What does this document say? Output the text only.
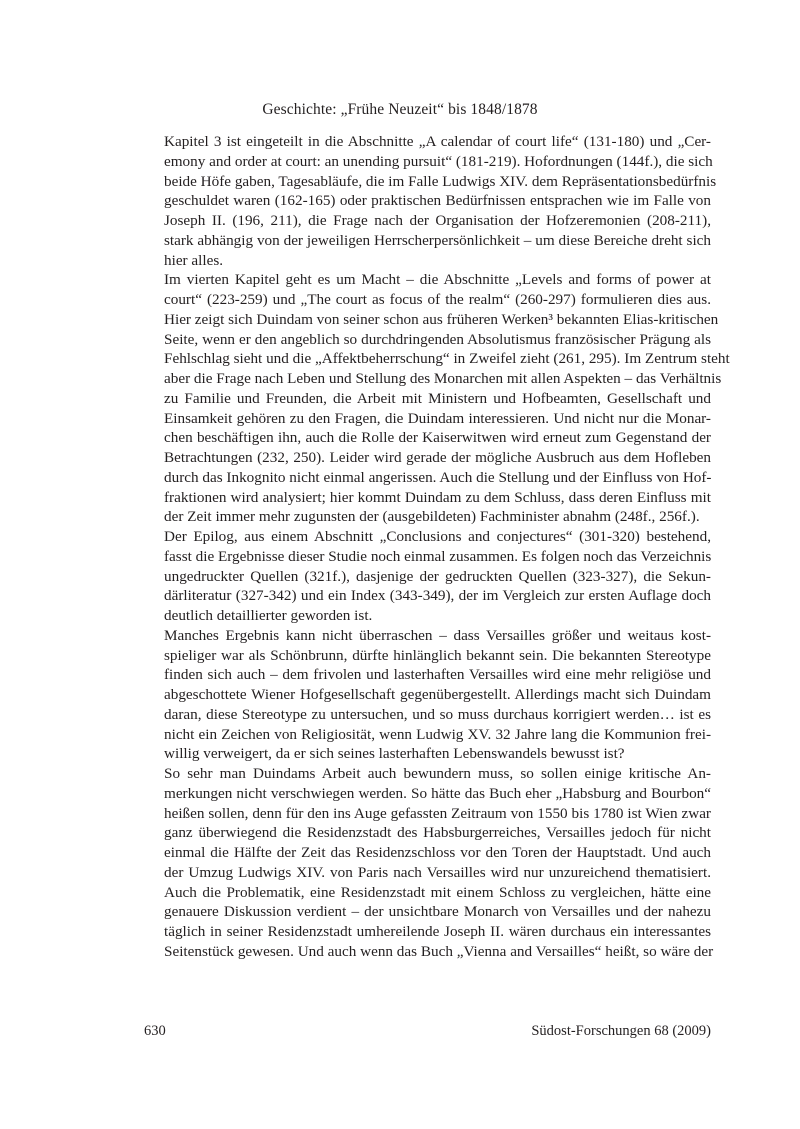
Geschichte: „Frühe Neuzeit“ bis 1848/1878

Kapitel 3 ist eingeteilt in die Abschnitte „A calendar of court life“ (131-180) und „Cer-
emony and order at court: an unending pursuit“ (181-219). Hofordnungen (144f.), die sich
beide Höfe gaben, Tagesabläufe, die im Falle Ludwigs XIV. dem Repräsentationsbedürfnis
geschuldet waren (162-165) oder praktischen Bedürfnissen entsprachen wie im Falle von
Joseph II. (196, 211), die Frage nach der Organisation der Hofzeremonien (208-211),
stark abhängig von der jeweiligen Herrscherpersönlichkeit – um diese Bereiche dreht sich
hier alles.

Im vierten Kapitel geht es um Macht – die Abschnitte „Levels and forms of power at
court“ (223-259) und „The court as focus of the realm“ (260-297) formulieren dies aus.
Hier zeigt sich Duindam von seiner schon aus früheren Werken³ bekannten Elias-kritischen
Seite, wenn er den angeblich so durchdringenden Absolutismus französischer Prägung als
Fehlschlag sieht und die „Affektbeherrschung“ in Zweifel zieht (261, 295). Im Zentrum steht
aber die Frage nach Leben und Stellung des Monarchen mit allen Aspekten – das Verhältnis
zu Familie und Freunden, die Arbeit mit Ministern und Hofbeamten, Gesellschaft und
Einsamkeit gehören zu den Fragen, die Duindam interessieren. Und nicht nur die Monar-
chen beschäftigen ihn, auch die Rolle der Kaiserwitwen wird erneut zum Gegenstand der
Betrachtungen (232, 250). Leider wird gerade der mögliche Ausbruch aus dem Hofleben
durch das Inkognito nicht einmal angerissen. Auch die Stellung und der Einfluss von Hof-
fraktionen wird analysiert; hier kommt Duindam zu dem Schluss, dass deren Einfluss mit
der Zeit immer mehr zugunsten der (ausgebildeten) Fachminister abnahm (248f., 256f.).

Der Epilog, aus einem Abschnitt „Conclusions and conjectures“ (301-320) bestehend,
fasst die Ergebnisse dieser Studie noch einmal zusammen. Es folgen noch das Verzeichnis
ungedruckter Quellen (321f.), dasjenige der gedruckten Quellen (323-327), die Sekun-
därliteratur (327-342) und ein Index (343-349), der im Vergleich zur ersten Auflage doch
deutlich detaillierter geworden ist.

Manches Ergebnis kann nicht überraschen – dass Versailles größer und weitaus kost-
spieliger war als Schönbrunn, dürfte hinlänglich bekannt sein. Die bekannten Stereotype
finden sich auch – dem frivolen und lasterhaften Versailles wird eine mehr religiöse und
abgeschottete Wiener Hofgesellschaft gegenübergestellt. Allerdings macht sich Duindam
daran, diese Stereotype zu untersuchen, und so muss durchaus korrigiert werden… ist es
nicht ein Zeichen von Religiosität, wenn Ludwig XV. 32 Jahre lang die Kommunion frei-
willig verweigert, da er sich seines lasterhaften Lebenswandels bewusst ist?

So sehr man Duindams Arbeit auch bewundern muss, so sollen einige kritische An-
merkungen nicht verschwiegen werden. So hätte das Buch eher „Habsburg and Bourbon“
heißen sollen, denn für den ins Auge gefassten Zeitraum von 1550 bis 1780 ist Wien zwar
ganz überwiegend die Residenzstadt des Habsburgerreiches, Versailles jedoch für nicht
einmal die Hälfte der Zeit das Residenzschloss vor den Toren der Hauptstadt. Und auch
der Umzug Ludwigs XIV. von Paris nach Versailles wird nur unzureichend thematisiert.
Auch die Problematik, eine Residenzstadt mit einem Schloss zu vergleichen, hätte eine
genauere Diskussion verdient – der unsichtbare Monarch von Versailles und der nahezu
täglich in seiner Residenzstadt umhereilende Joseph II. wären durchaus ein interessantes
Seitenstück gewesen. Und auch wenn das Buch „Vienna and Versailles“ heißt, so wäre der

630	Südost-Forschungen 68 (2009)
